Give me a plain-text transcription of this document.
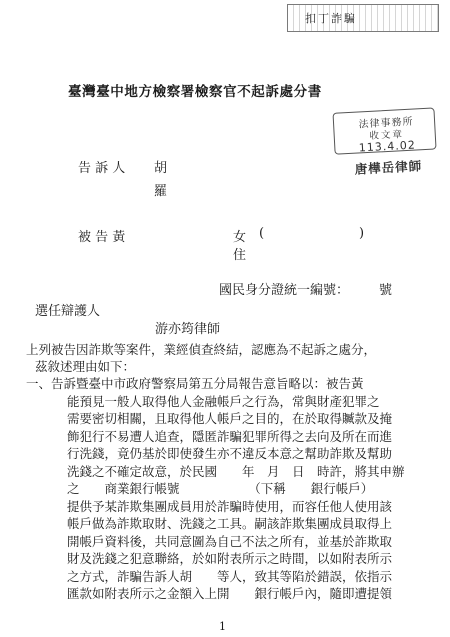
扣丁詐騙
臺灣臺中地方檢察署檢察官不起訴處分書
法律事務所
收文章
113.4.02
唐樺岳律師
告 訴 人 胡
羅
被 告 黃	女 (	)
住
國民身分證統一編號： 號
選任辯護人
游亦筠律師
上列被告因詐欺等案件，業經偵查終結，認應為不起訴之處分，
茲敘述理由如下：
一、告訴暨臺中市政府警察局第五分局報告意旨略以：被告黃
能預見一般人取得他人金融帳戶之行為，常與財產犯罪之
需要密切相關，且取得他人帳戶之目的，在於取得贓款及掩
飾犯行不易遭人追查，隱匿詐騙犯罪所得之去向及所在而進
行洗錢，竟仍基於即使發生亦不違反本意之幫助詐欺及幫助
洗錢之不確定故意，於民國　　年　月　日　時許，將其申辦
之　　商業銀行帳號　　　　　　（下稱　　銀行帳戶）
提供予某詐欺集團成員用於詐騙時使用，而容任他人使用該
帳戶做為詐欺取財、洗錢之工具。嗣該詐欺集團成員取得上
開帳戶資料後，共同意圖為自己不法之所有，並基於詐欺取
財及洗錢之犯意聯絡，於如附表所示之時間，以如附表所示
之方式，詐騙告訴人胡　　等人，致其等陷於錯誤，依指示
匯款如附表所示之金額入上開　　銀行帳戶內，隨即遭提領
1
